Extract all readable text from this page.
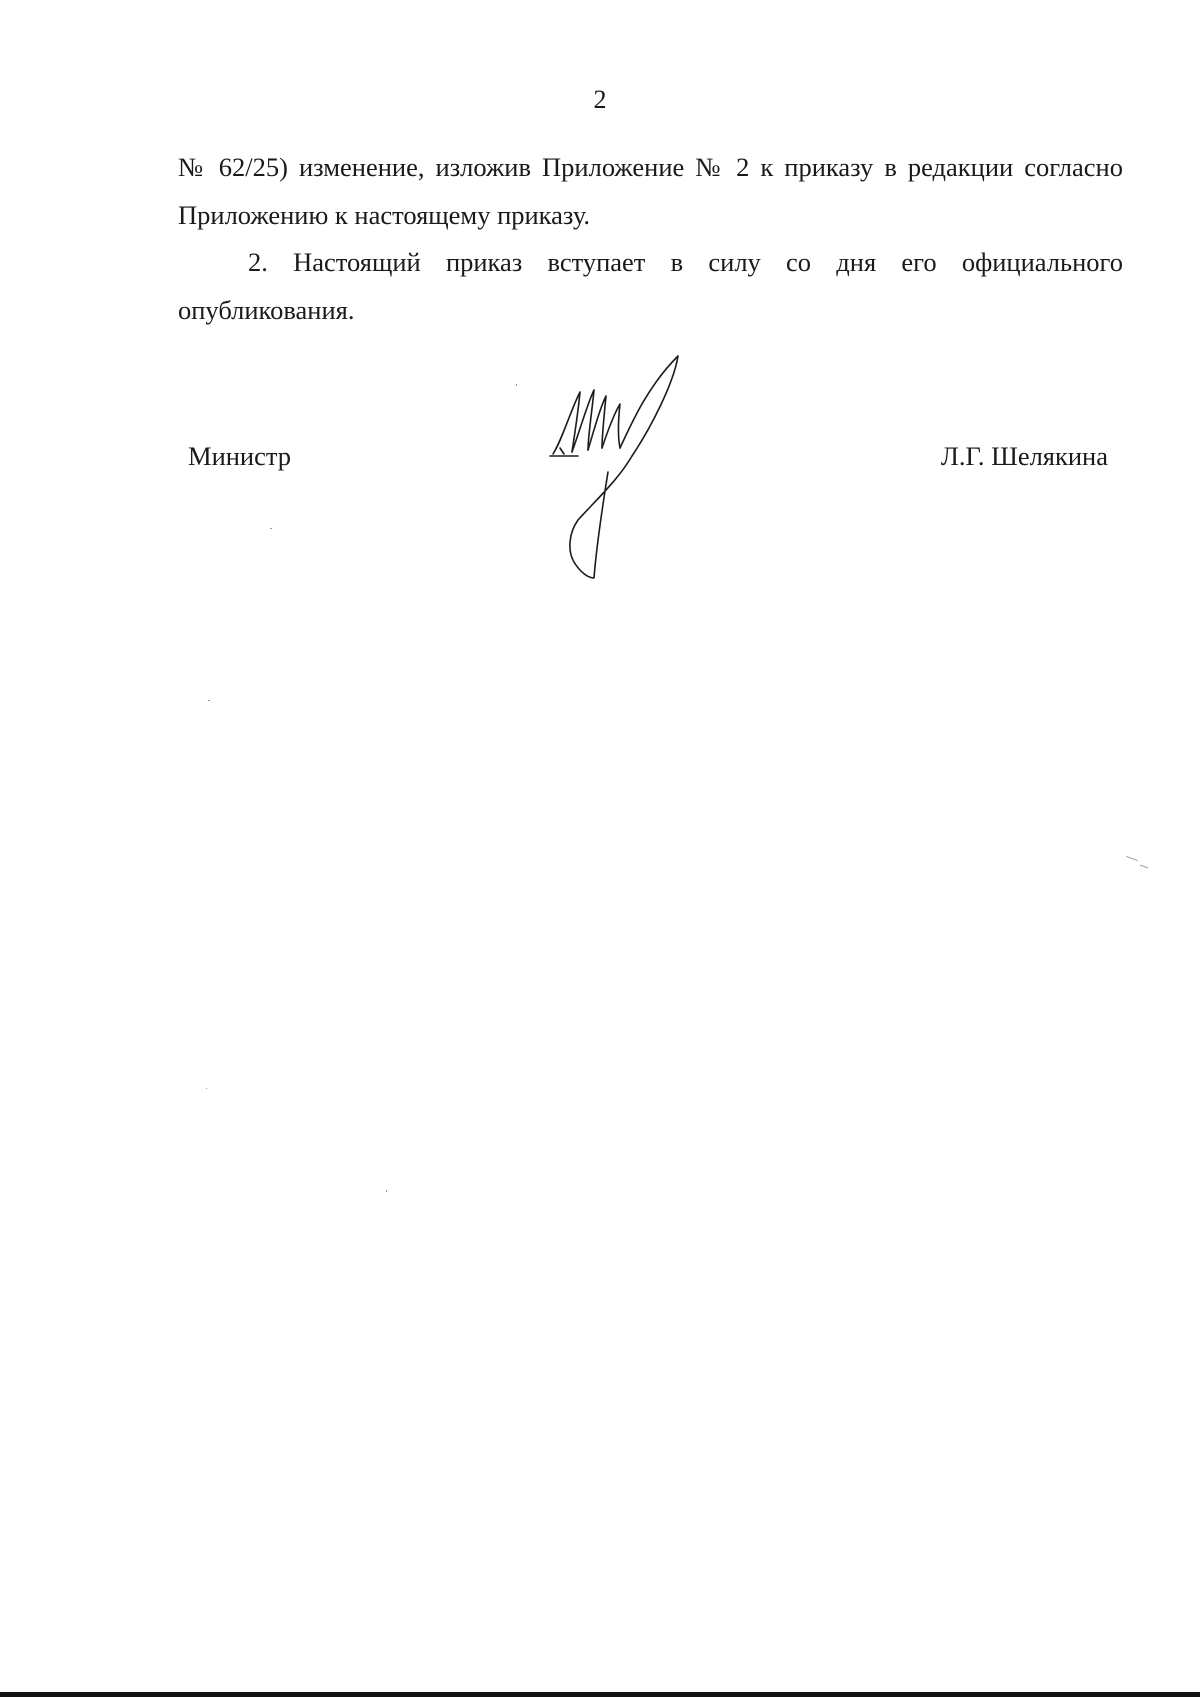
2

№ 62/25) изменение, изложив Приложение № 2 к приказу в редакции согласно Приложению к настоящему приказу.

2. Настоящий приказ вступает в силу со дня его официального опубликования.

Министр	Л.Г. Шелякина
